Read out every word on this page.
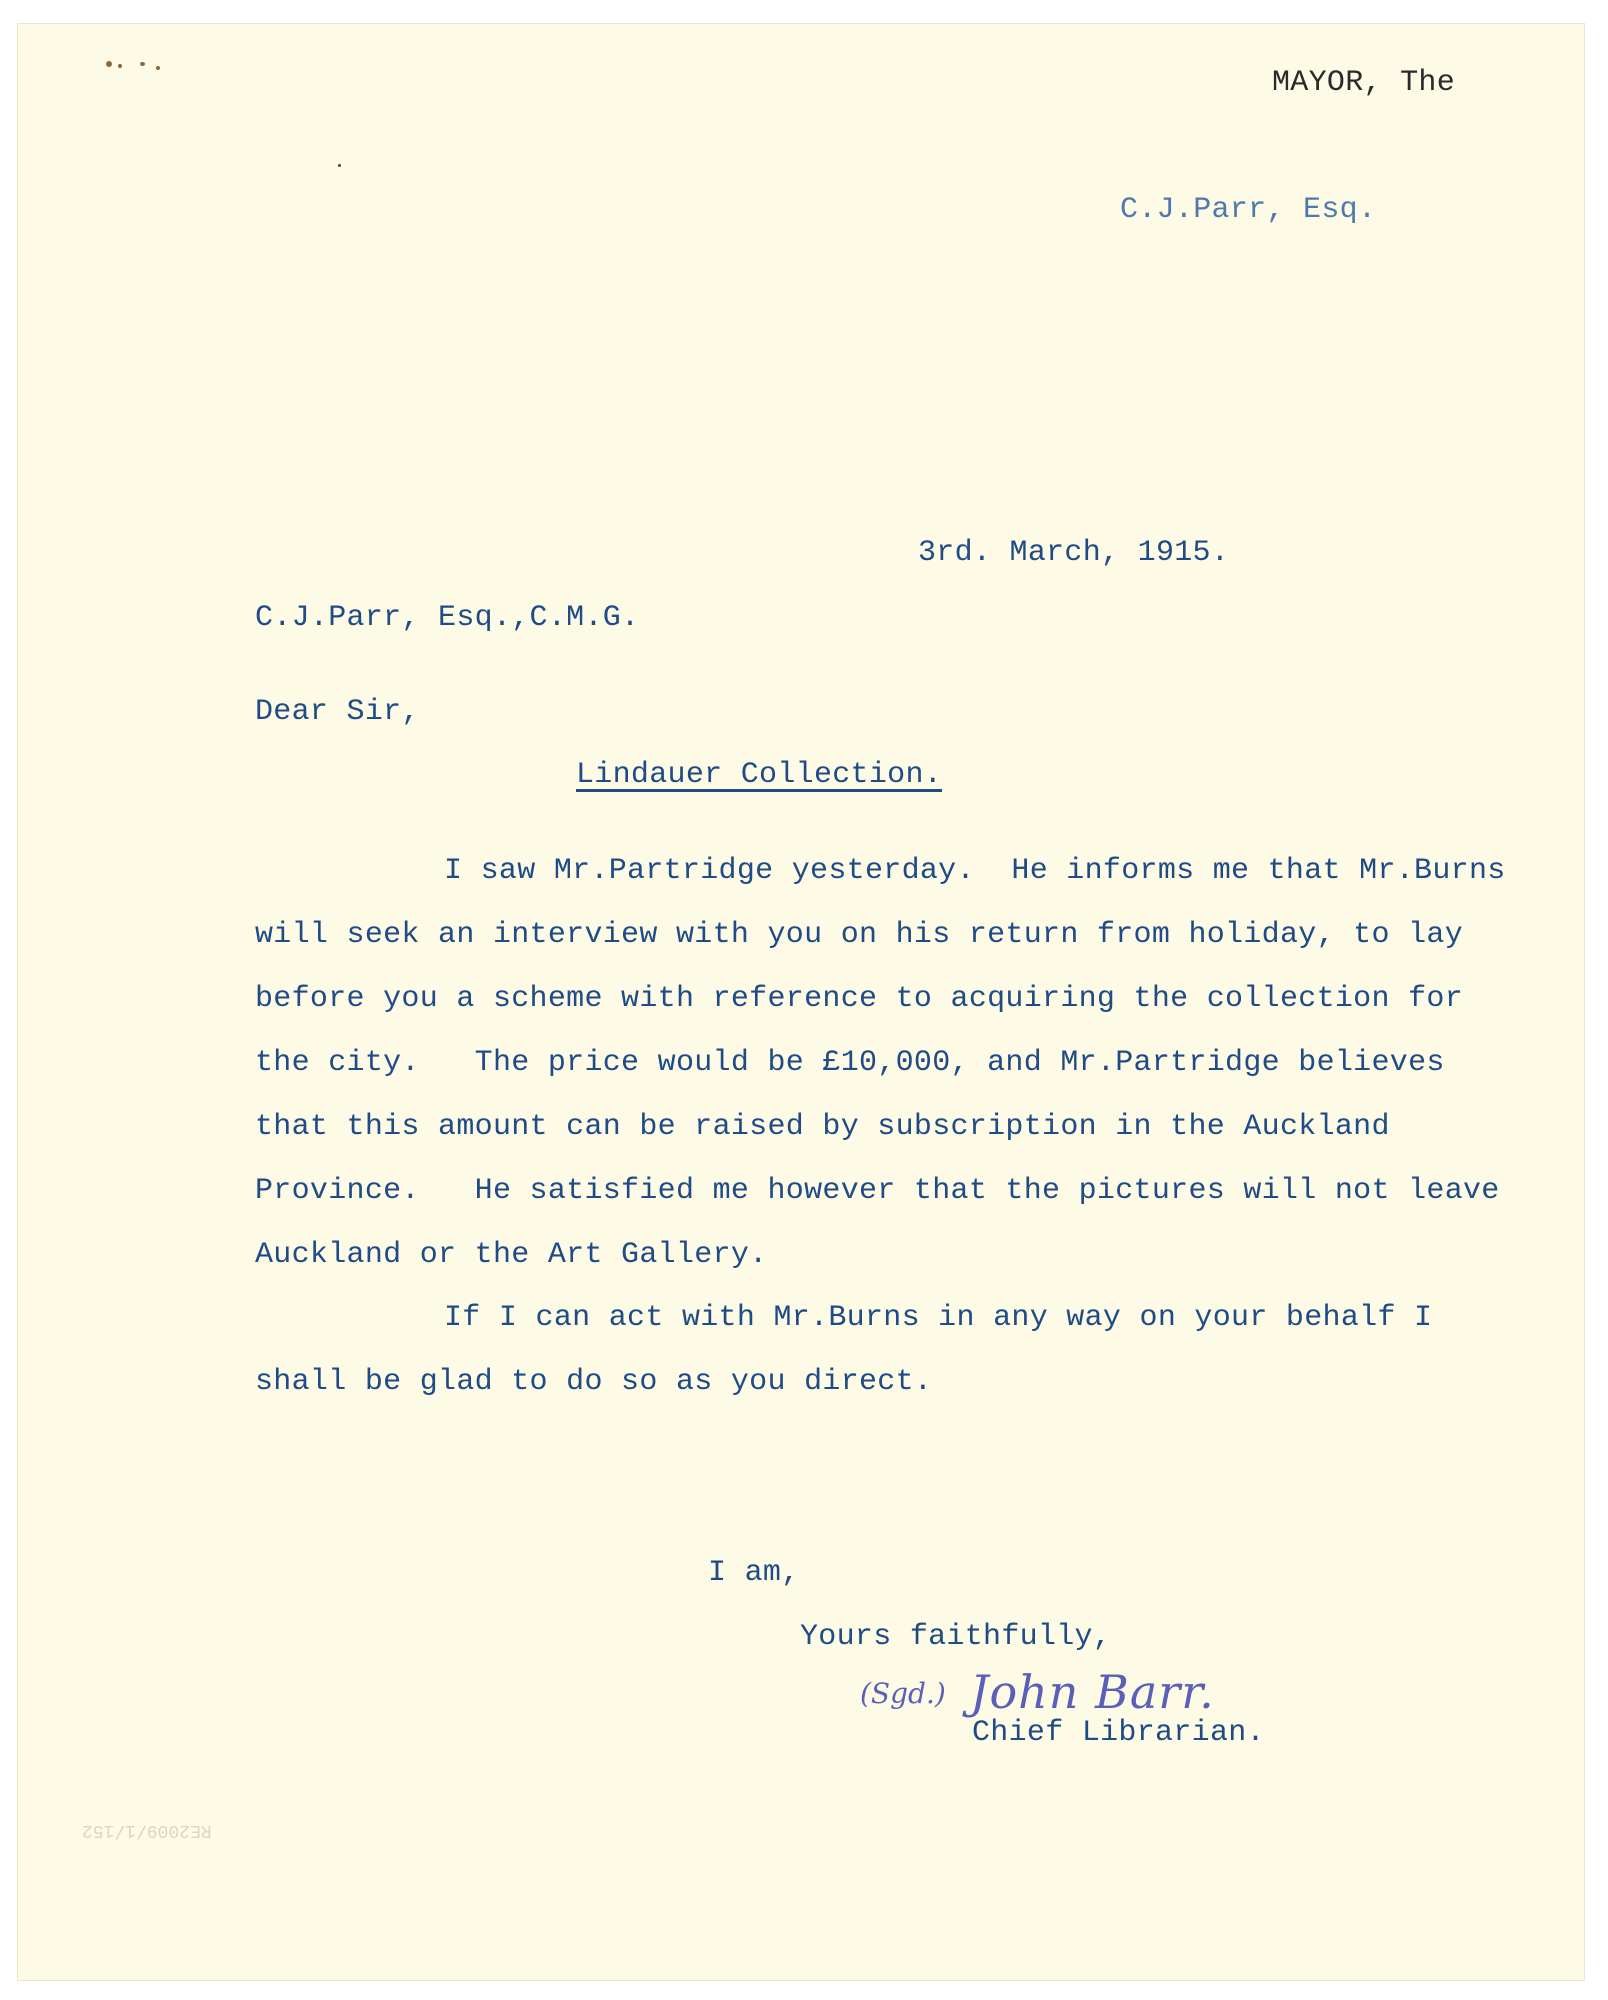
MAYOR, The
C.J.Parr, Esq.
3rd. March, 1915.
C.J.Parr, Esq.,C.M.G.
Dear Sir,
Lindauer Collection.
I saw Mr.Partridge yesterday.  He informs me that Mr.Burns
will seek an interview with you on his return from holiday, to lay
before you a scheme with reference to acquiring the collection for
the city.   The price would be £10,000, and Mr.Partridge believes
that this amount can be raised by subscription in the Auckland
Province.   He satisfied me however that the pictures will not leave
Auckland or the Art Gallery.
If I can act with Mr.Burns in any way on your behalf I
shall be glad to do so as you direct.
I am,
Yours faithfully,
(Sgd.) John Barr.
Chief Librarian.
RE2009/1/152
